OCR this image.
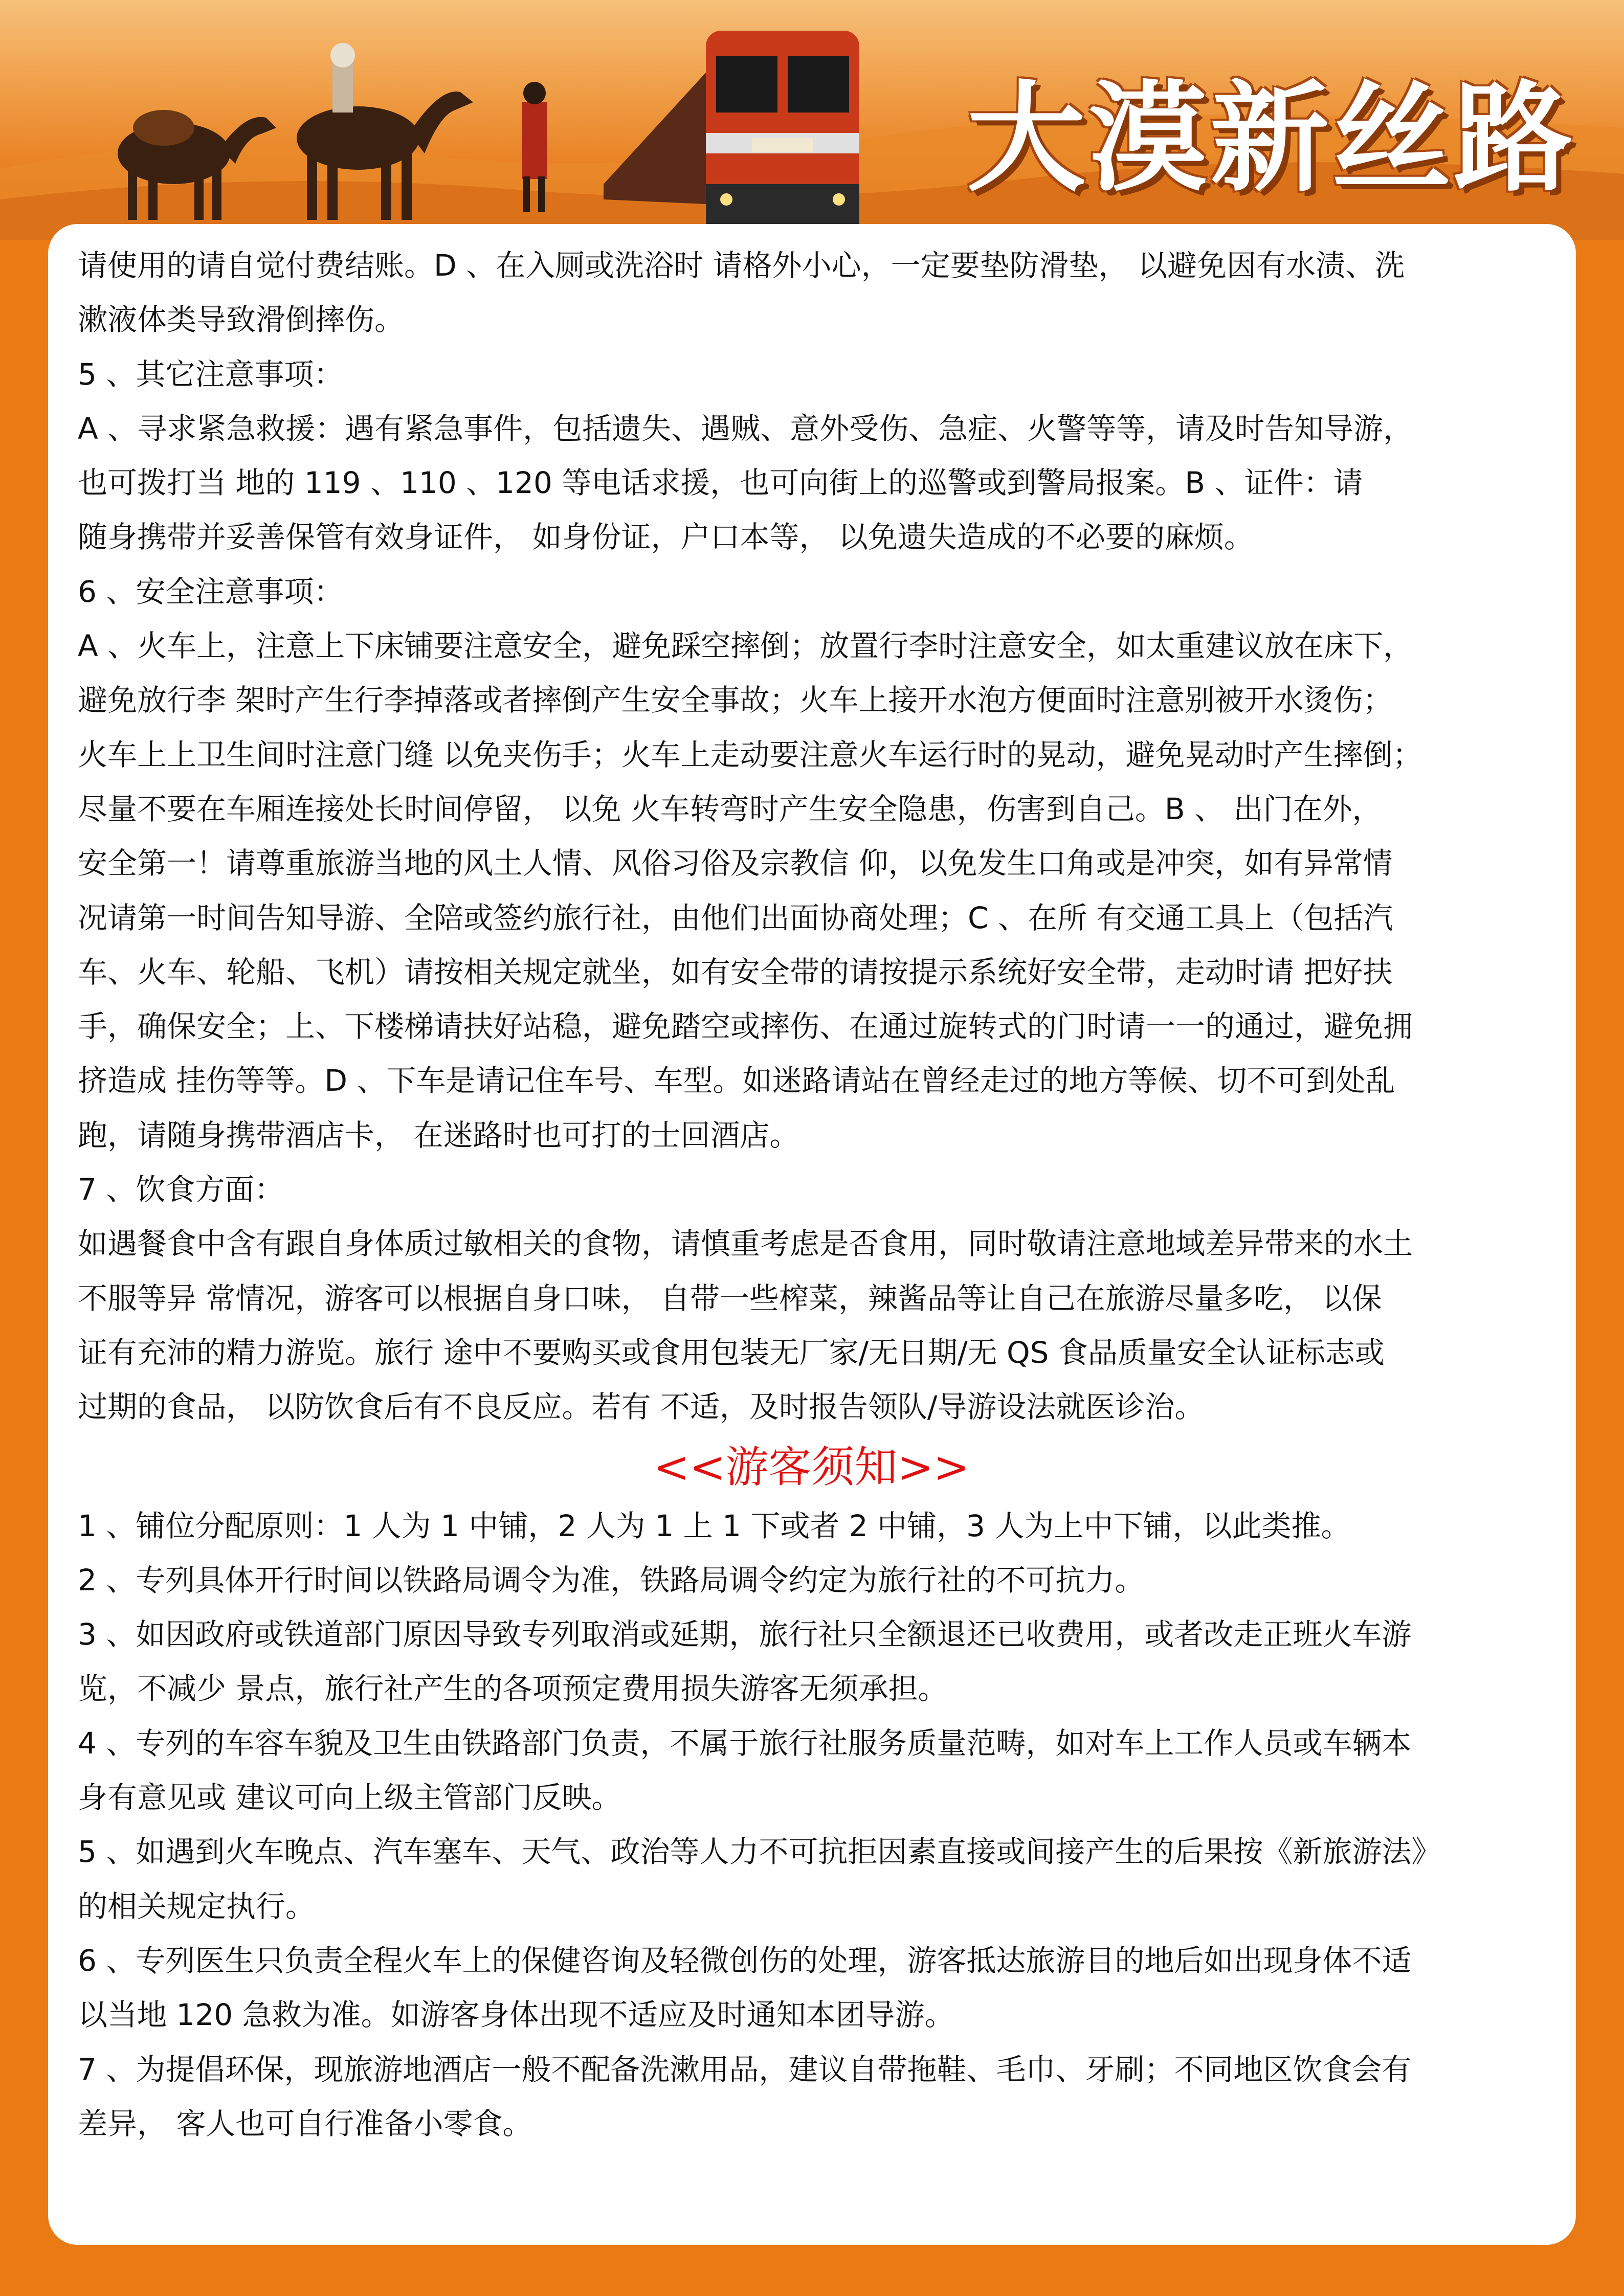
大漠新丝路
请使用的请自觉付费结账。D 、在入厕或洗浴时 请格外小心，一定要垫防滑垫， 以避免因有水渍、洗
漱液体类导致滑倒摔伤。
5 、其它注意事项：
A 、寻求紧急救援：遇有紧急事件，包括遗失、遇贼、意外受伤、急症、火警等等，请及时告知导游，
也可拨打当 地的 119 、110 、120 等电话求援，也可向街上的巡警或到警局报案。B 、证件：请
随身携带并妥善保管有效身证件， 如身份证，户口本等， 以免遗失造成的不必要的麻烦。
6 、安全注意事项：
A 、火车上，注意上下床铺要注意安全，避免踩空摔倒；放置行李时注意安全，如太重建议放在床下，
避免放行李 架时产生行李掉落或者摔倒产生安全事故；火车上接开水泡方便面时注意别被开水烫伤；
火车上上卫生间时注意门缝 以免夹伤手；火车上走动要注意火车运行时的晃动，避免晃动时产生摔倒；
尽量不要在车厢连接处长时间停留， 以免 火车转弯时产生安全隐患，伤害到自己。B 、 出门在外，
安全第一！请尊重旅游当地的风土人情、风俗习俗及宗教信 仰，以免发生口角或是冲突，如有异常情
况请第一时间告知导游、全陪或签约旅行社，由他们出面协商处理；C 、在所 有交通工具上（包括汽
车、火车、轮船、飞机）请按相关规定就坐，如有安全带的请按提示系统好安全带，走动时请 把好扶
手，确保安全；上、下楼梯请扶好站稳，避免踏空或摔伤、在通过旋转式的门时请一一的通过，避免拥
挤造成 挂伤等等。D 、下车是请记住车号、车型。如迷路请站在曾经走过的地方等候、切不可到处乱
跑，请随身携带酒店卡， 在迷路时也可打的士回酒店。
7 、饮食方面：
如遇餐食中含有跟自身体质过敏相关的食物，请慎重考虑是否食用，同时敬请注意地域差异带来的水土
不服等异 常情况，游客可以根据自身口味， 自带一些榨菜，辣酱品等让自己在旅游尽量多吃， 以保
证有充沛的精力游览。旅行 途中不要购买或食用包装无厂家/无日期/无 QS 食品质量安全认证标志或
过期的食品， 以防饮食后有不良反应。若有 不适，及时报告领队/导游设法就医诊治。
<<游客须知>>
1 、铺位分配原则：1 人为 1 中铺，2 人为 1 上 1 下或者 2 中铺，3 人为上中下铺，以此类推。
2 、专列具体开行时间以铁路局调令为准，铁路局调令约定为旅行社的不可抗力。
3 、如因政府或铁道部门原因导致专列取消或延期，旅行社只全额退还已收费用，或者改走正班火车游
览，不减少 景点，旅行社产生的各项预定费用损失游客无须承担。
4 、专列的车容车貌及卫生由铁路部门负责，不属于旅行社服务质量范畴，如对车上工作人员或车辆本
身有意见或 建议可向上级主管部门反映。
5 、如遇到火车晚点、汽车塞车、天气、政治等人力不可抗拒因素直接或间接产生的后果按《新旅游法》
的相关规定执行。
6 、专列医生只负责全程火车上的保健咨询及轻微创伤的处理，游客抵达旅游目的地后如出现身体不适
以当地 120 急救为准。如游客身体出现不适应及时通知本团导游。
7 、为提倡环保，现旅游地酒店一般不配备洗漱用品，建议自带拖鞋、毛巾、牙刷；不同地区饮食会有
差异， 客人也可自行准备小零食。
